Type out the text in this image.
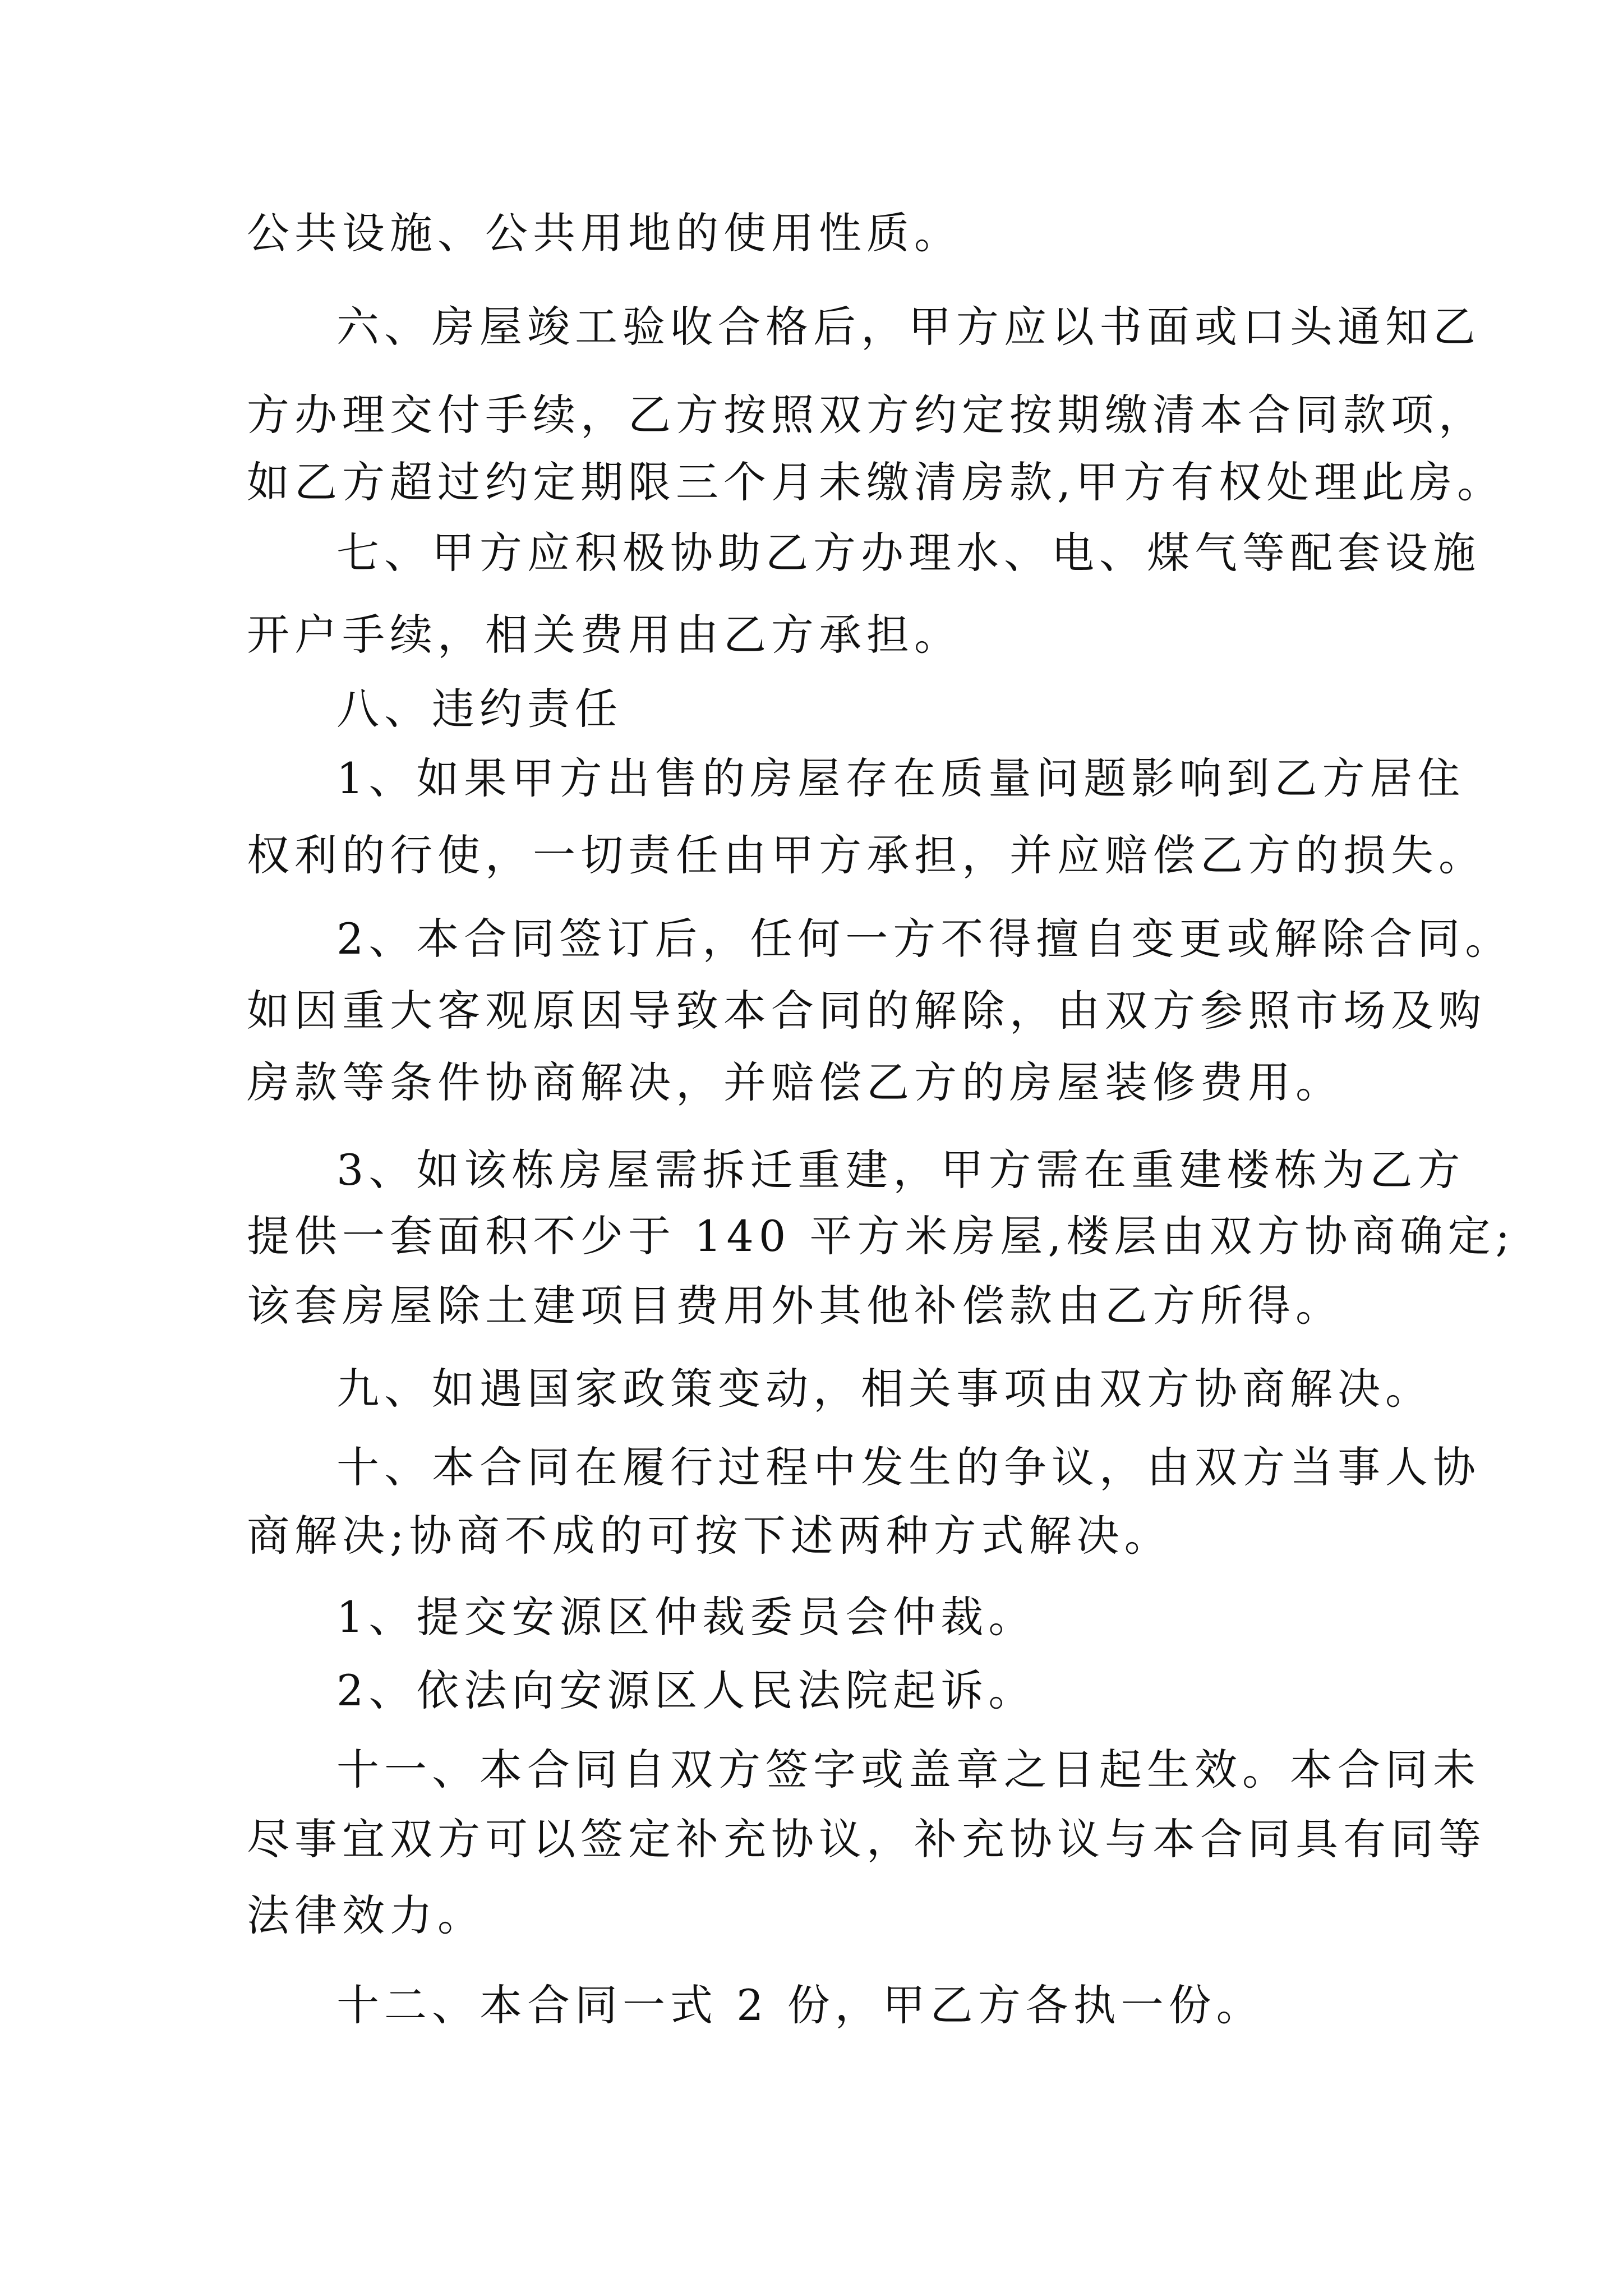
公共设施、公共用地的使用性质。
六、房屋竣工验收合格后，甲方应以书面或口头通知乙
方办理交付手续，乙方按照双方约定按期缴清本合同款项，
如乙方超过约定期限三个月未缴清房款,甲方有权处理此房。
七、甲方应积极协助乙方办理水、电、煤气等配套设施
开户手续，相关费用由乙方承担。
八、违约责任
1、如果甲方出售的房屋存在质量问题影响到乙方居住
权利的行使，一切责任由甲方承担，并应赔偿乙方的损失。
2、本合同签订后，任何一方不得擅自变更或解除合同。
如因重大客观原因导致本合同的解除，由双方参照市场及购
房款等条件协商解决，并赔偿乙方的房屋装修费用。
3、如该栋房屋需拆迁重建，甲方需在重建楼栋为乙方
提供一套面积不少于 140 平方米房屋,楼层由双方协商确定;
该套房屋除土建项目费用外其他补偿款由乙方所得。
九、如遇国家政策变动，相关事项由双方协商解决。
十、本合同在履行过程中发生的争议，由双方当事人协
商解决;协商不成的可按下述两种方式解决。
1、提交安源区仲裁委员会仲裁。
2、依法向安源区人民法院起诉。
十一、本合同自双方签字或盖章之日起生效。本合同未
尽事宜双方可以签定补充协议，补充协议与本合同具有同等
法律效力。
十二、本合同一式 2 份，甲乙方各执一份。
